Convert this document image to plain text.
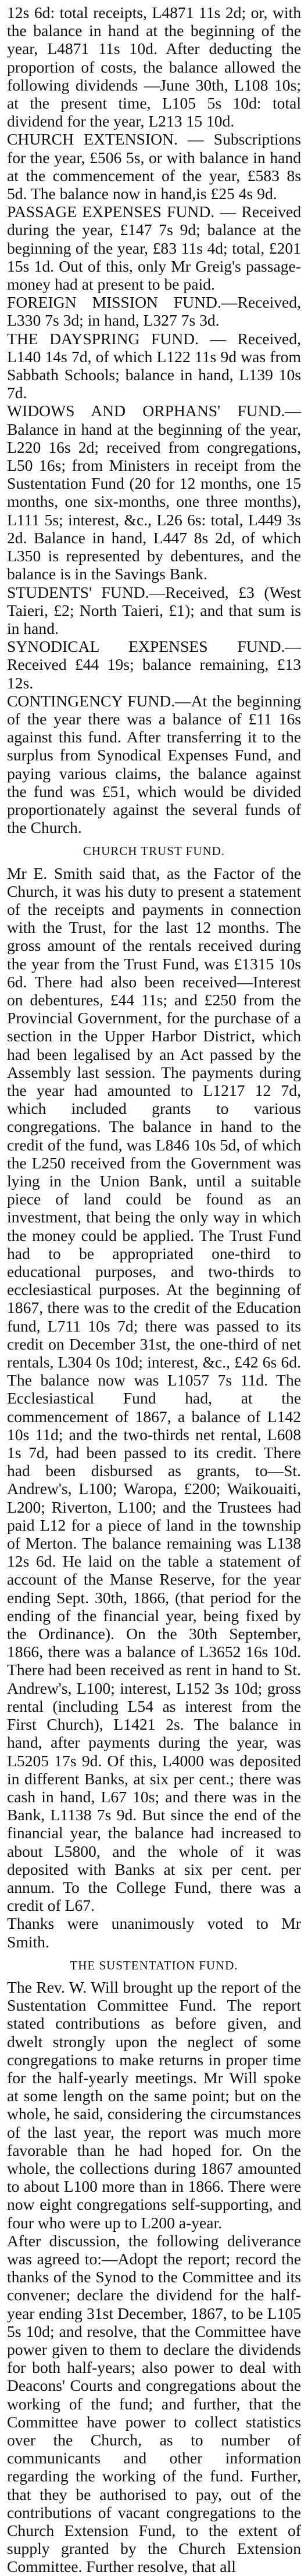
12s 6d: total receipts, L4871 11s 2d; or, with the balance in hand at the beginning of the year, L4871 11s 10d. After deducting the proportion of costs, the balance allowed the following dividends —June 30th, L108 10s; at the present time, L105 5s 10d: total dividend for the year, L213 15 10d.

CHURCH EXTENSION. — Subscriptions for the year, £506 5s, or with balance in hand at the commencement of the year, £583 8s 5d. The balance now in hand,is £25 4s 9d.

PASSAGE EXPENSES FUND. — Received during the year, £147 7s 9d; balance at the beginning of the year, £83 11s 4d; total, £201 15s 1d. Out of this, only Mr Greig's passage-money had at present to be paid.

FOREIGN MISSION FUND.—Received, L330 7s 3d; in hand, L327 7s 3d.

THE DAYSPRING FUND. — Received, L140 14s 7d, of which L122 11s 9d was from Sabbath Schools; balance in hand, L139 10s 7d.

WIDOWS AND ORPHANS' FUND.— Balance in hand at the beginning of the year, L220 16s 2d; received from congregations, L50 16s; from Ministers in receipt from the Sustentation Fund (20 for 12 months, one 15 months, one six-months, one three months), L111 5s; interest, &c., L26 6s: total, L449 3s 2d. Balance in hand, L447 8s 2d, of which L350 is represented by debentures, and the balance is in the Savings Bank.

STUDENTS' FUND.—Received, £3 (West Taieri, £2; North Taieri, £1); and that sum is in hand.

SYNODICAL EXPENSES FUND.—Received £44 19s; balance remaining, £13 12s.

CONTINGENCY FUND.—At the beginning of the year there was a balance of £11 16s against this fund. After transferring it to the surplus from Synodical Expenses Fund, and paying various claims, the balance against the fund was £51, which would be divided proportionately against the several funds of the Church.

CHURCH TRUST FUND.

Mr E. Smith said that, as the Factor of the Church, it was his duty to present a statement of the receipts and payments in connection with the Trust, for the last 12 months. The gross amount of the rentals received during the year from the Trust Fund, was £1315 10s 6d. There had also been received—Interest on debentures, £44 11s; and £250 from the Provincial Government, for the purchase of a section in the Upper Harbor District, which had been legalised by an Act passed by the Assembly last session. The payments during the year had amounted to L1217 12 7d, which included grants to various congregations. The balance in hand to the credit of the fund, was L846 10s 5d, of which the L250 received from the Government was lying in the Union Bank, until a suitable piece of land could be found as an investment, that being the only way in which the money could be applied. The Trust Fund had to be appropriated one-third to educational purposes, and two-thirds to ecclesiastical purposes. At the beginning of 1867, there was to the credit of the Education fund, L711 10s 7d; there was passed to its credit on December 31st, the one-third of net rentals, L304 0s 10d; interest, &c., £42 6s 6d. The balance now was L1057 7s 11d. The Ecclesiastical Fund had, at the commencement of 1867, a balance of L142 10s 11d; and the two-thirds net rental, L608 1s 7d, had been passed to its credit. There had been disbursed as grants, to—St. Andrew's, L100; Waropa, £200; Waikouaiti, L200; Riverton, L100; and the Trustees had paid L12 for a piece of land in the township of Merton. The balance remaining was L138 12s 6d. He laid on the table a statement of account of the Manse Reserve, for the year ending Sept. 30th, 1866, (that period for the ending of the financial year, being fixed by the Ordinance). On the 30th September, 1866, there was a balance of L3652 16s 10d. There had been received as rent in hand to St. Andrew's, L100; interest, L152 3s 10d; gross rental (including L54 as interest from the First Church), L1421 2s. The balance in hand, after payments during the year, was L5205 17s 9d. Of this, L4000 was deposited in different Banks, at six per cent.; there was cash in hand, L67 10s; and there was in the Bank, L1138 7s 9d. But since the end of the financial year, the balance had increased to about L5800, and the whole of it was deposited with Banks at six per cent. per annum. To the College Fund, there was a credit of L67.

Thanks were unanimously voted to Mr Smith.

THE SUSTENTATION FUND.

The Rev. W. Will brought up the report of the Sustentation Committee Fund. The report stated contributions as before given, and dwelt strongly upon the neglect of some congregations to make returns in proper time for the half-yearly meetings. Mr Will spoke at some length on the same point; but on the whole, he said, considering the circumstances of the last year, the report was much more favorable than he had hoped for. On the whole, the collections during 1867 amounted to about L100 more than in 1866. There were now eight congregations self-supporting, and four who were up to L200 a-year.

After discussion, the following deliverance was agreed to:—Adopt the report; record the thanks of the Synod to the Committee and its convener; declare the dividend for the half-year ending 31st December, 1867, to be L105 5s 10d; and resolve, that the Committee have power given to them to declare the dividends for both half-years; also power to deal with Deacons' Courts and congregations about the working of the fund; and further, that the Committee have power to collect statistics over the Church, as to number of communicants and other information regarding the working of the fund. Further, that they be authorised to pay, out of the contributions of vacant congregations to the Church Extension Fund, to the extent of supply granted by the Church Extension Committee. Further resolve, that all
